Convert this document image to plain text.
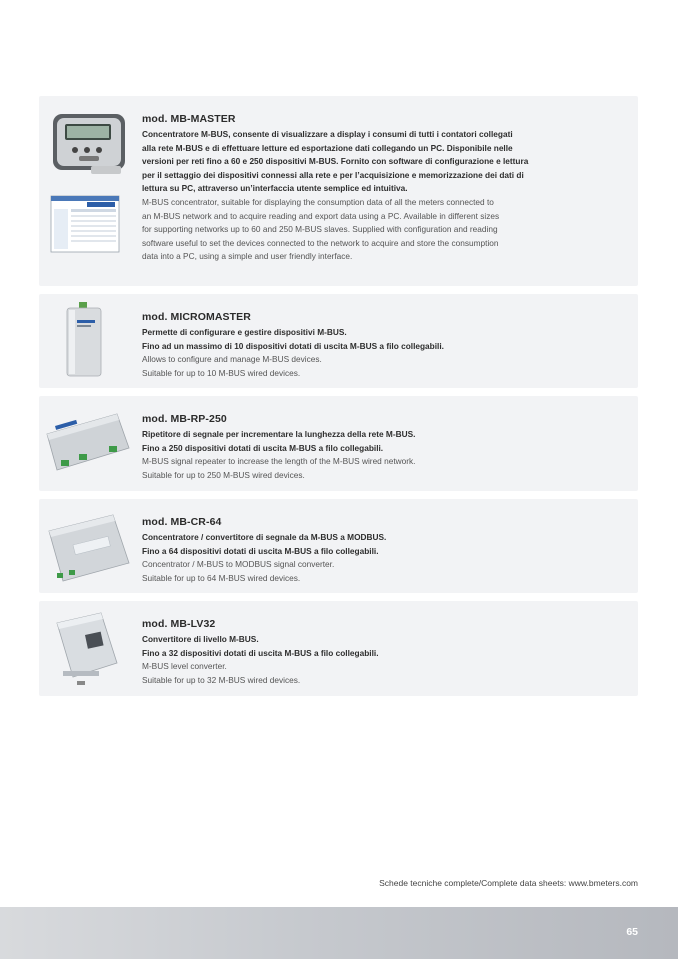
mod. MB-MASTER
Concentratore M-BUS, consente di visualizzare a display i consumi di tutti i contatori collegati
alla rete M-BUS e di effettuare letture ed esportazione dati collegando un PC. Disponibile nelle
versioni per reti fino a 60 e 250 dispositivi M-BUS. Fornito con software di configurazione e lettura
per il settaggio dei dispositivi connessi alla rete e per l’acquisizione e memorizzazione dei dati di
lettura su PC, attraverso un’interfaccia utente semplice ed intuitiva.
M-BUS concentrator, suitable for displaying the consumption data of all the meters connected to
an M-BUS network and to acquire reading and export data using a PC. Available in different sizes
for supporting networks up to 60 and 250 M-BUS slaves. Supplied with configuration and reading
software useful to set the devices connected to the network to acquire and store the consumption
data into a PC, using a simple and user friendly interface.
mod. MICROMASTER
Permette di configurare e gestire dispositivi M-BUS.
Fino ad un massimo di 10 dispositivi dotati di uscita M-BUS a filo collegabili.
Allows to configure and manage M-BUS devices.
Suitable for up to 10 M-BUS wired devices.
mod. MB-RP-250
Ripetitore di segnale per incrementare la lunghezza della rete M-BUS.
Fino a 250 dispositivi dotati di uscita M-BUS a filo collegabili.
M-BUS signal repeater to increase the length of the M-BUS wired network.
Suitable for up to 250 M-BUS wired devices.
mod. MB-CR-64
Concentratore / convertitore di segnale da M-BUS a MODBUS.
Fino a 64 dispositivi dotati di uscita M-BUS a filo collegabili.
Concentrator / M-BUS to MODBUS signal converter.
Suitable for up to 64 M-BUS wired devices.
mod. MB-LV32
Convertitore di livello M-BUS.
Fino a 32 dispositivi dotati di uscita M-BUS a filo collegabili.
M-BUS level converter.
Suitable for up to 32 M-BUS wired devices.
Schede tecniche complete/Complete data sheets: www.bmeters.com
65
